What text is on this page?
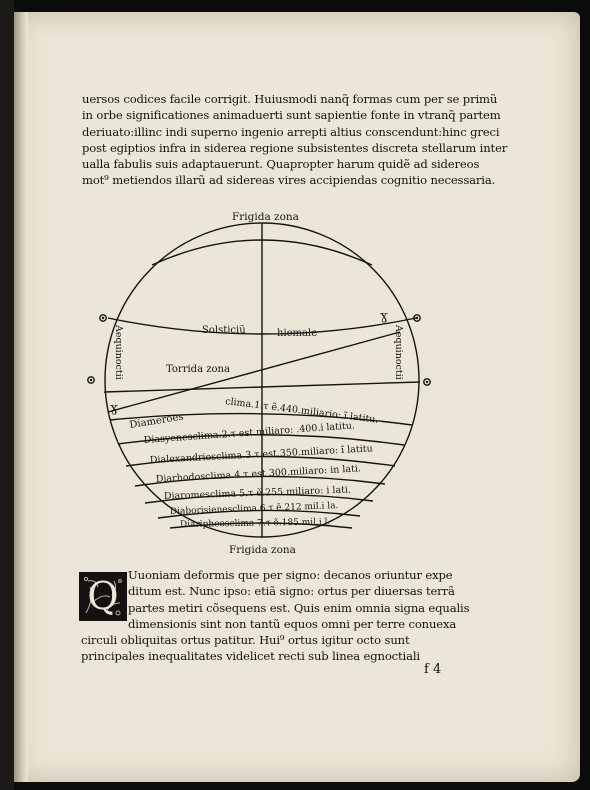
uersos codices facile corrigit. Huiusmodi nanq̃ formas cum per se primũ
in orbe significationes animaduerti sunt sapientie fonte in vtranq̃ partem
deriuato:illinc indi superno ingenio arrepti altius conscendunt:hinc greci
post egiptios infra in siderea regione subsistentes discreta stellarum inter
ualla fabulis suis adaptauerunt. Quapropter harum quidẽ ad sidereos
mot⁹ metiendos illarũ ad sidereas vires accipiendas cognitio necessaria.
Frigida zona
Frigida zona
Solsticiũ	hiemale
Torrida zona
Aequinoctii	Aequinoctii
ɣ
ɣ
Diameroes	clima.1.τ ẽ.440.miliario: ĩ latitu.
Diasyenesclima.2.τ est miliaro: .400.i latitu.
Dialexandriosclima.3.τ est.350.miliaro: ĩ latitu
Diarhodosclima.4.τ est 300.miliaro: in lati.
Diaromesclima 5.τ ẽ.255.miliaro: i lati.
Diaborisienesclima.6.τ ẽ.212 mil.i la.
Diaripheosclima 7.τ ẽ.185.mil.i l.
Q Uuoniam deformis que per signo: decanos oriuntur expe
ditum est. Nunc ipso: etiã signo: ortus per diuersas terrã
partes metiri cõsequens est. Quis enim omnia signa equalis
dimensionis sint non tantũ equos omni per terre conuexa
circuli obliquitas ortus patitur. Hui⁹ ortus igitur octo sunt
principales inequalitates videlicet recti sub linea egnoctiali
f 4
